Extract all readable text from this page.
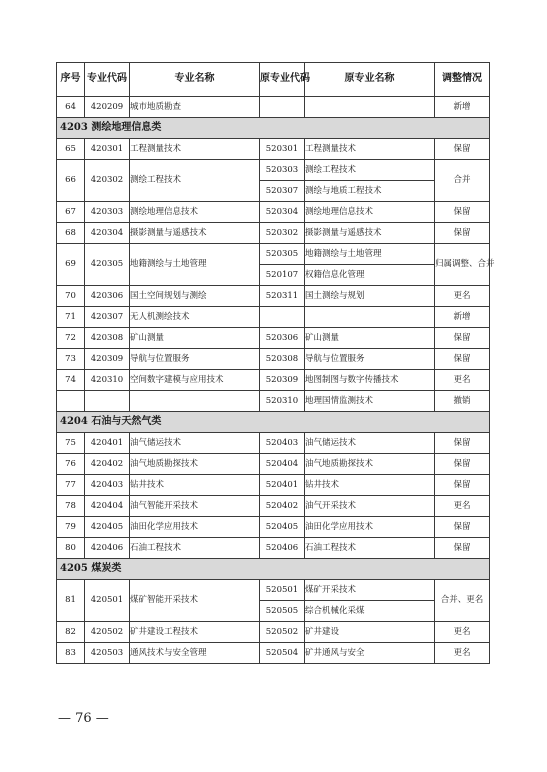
序号	专业代码	专业名称	原专业代码	原专业名称	调整情况
64	420209	城市地质勘查			新增
4203 测绘地理信息类					
65	420301	工程测量技术	520301	工程测量技术	保留
66	420302	测绘工程技术	520303	测绘工程技术	合并
			520307	测绘与地质工程技术	
67	420303	测绘地理信息技术	520304	测绘地理信息技术	保留
68	420304	摄影测量与遥感技术	520302	摄影测量与遥感技术	保留
69	420305	地籍测绘与土地管理	520305	地籍测绘与土地管理	归属调整、合并
			520107	权籍信息化管理	
70	420306	国土空间规划与测绘	520311	国土测绘与规划	更名
71	420307	无人机测绘技术			新增
72	420308	矿山测量	520306	矿山测量	保留
73	420309	导航与位置服务	520308	导航与位置服务	保留
74	420310	空间数字建模与应用技术	520309	地图制图与数字传播技术	更名
			520310	地理国情监测技术	撤销
4204 石油与天然气类					
75	420401	油气储运技术	520403	油气储运技术	保留
76	420402	油气地质勘探技术	520404	油气地质勘探技术	保留
77	420403	钻井技术	520401	钻井技术	保留
78	420404	油气智能开采技术	520402	油气开采技术	更名
79	420405	油田化学应用技术	520405	油田化学应用技术	保留
80	420406	石油工程技术	520406	石油工程技术	保留
4205 煤炭类					
81	420501	煤矿智能开采技术	520501	煤矿开采技术	合并、更名
			520505	综合机械化采煤	
82	420502	矿井建设工程技术	520502	矿井建设	更名
83	420503	通风技术与安全管理	520504	矿井通风与安全	更名
— 76 —
